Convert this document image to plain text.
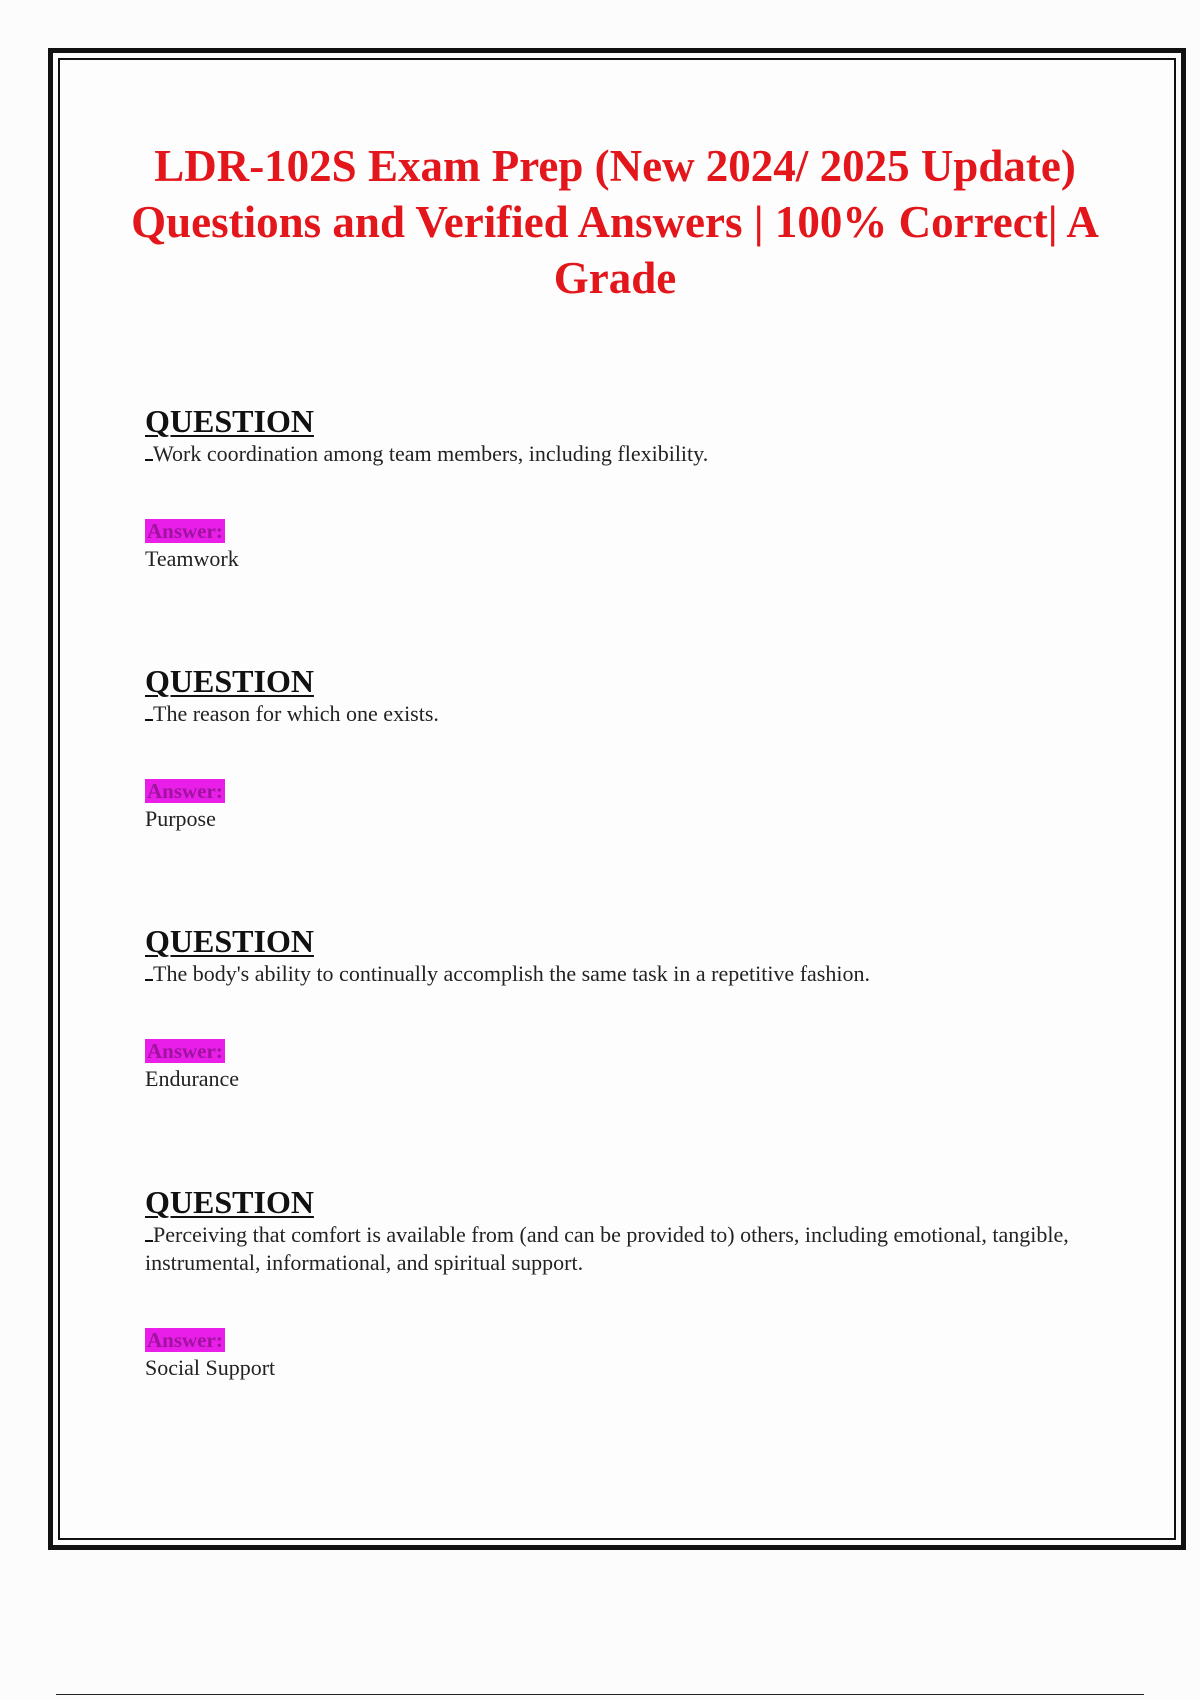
LDR-102S Exam Prep (New 2024/ 2025 Update) Questions and Verified Answers | 100% Correct| A Grade
QUESTION

Work coordination among team members, including flexibility.

Answer:

Teamwork

QUESTION

The reason for which one exists.

Answer:

Purpose

QUESTION

The body's ability to continually accomplish the same task in a repetitive fashion.

Answer:

Endurance

QUESTION

Perceiving that comfort is available from (and can be provided to) others, including emotional, tangible, instrumental, informational, and spiritual support.

Answer:

Social Support
